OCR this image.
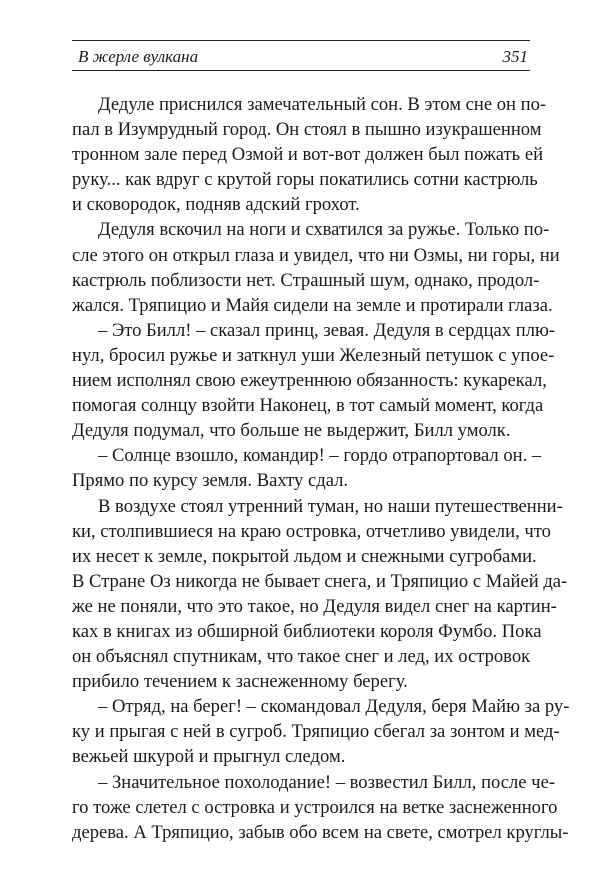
В жерле вулкана	351
Дедуле приснился замечательный сон. В этом сне он по-
пал в Изумрудный город. Он стоял в пышно изукрашенном
тронном зале перед Озмой и вот-вот должен был пожать ей
руку... как вдруг с крутой горы покатились сотни кастрюль
и сковородок, подняв адский грохот.
Дедуля вскочил на ноги и схватился за ружье. Только по-
сле этого он открыл глаза и увидел, что ни Озмы, ни горы, ни
кастрюль поблизости нет. Страшный шум, однако, продол-
жался. Тряпицио и Майя сидели на земле и протирали глаза.
– Это Билл! – сказал принц, зевая. Дедуля в сердцах плю-
нул, бросил ружье и заткнул уши Железный петушок с упое-
нием исполнял свою ежеутреннюю обязанность: кукарекал,
помогая солнцу взойти Наконец, в тот самый момент, когда
Дедуля подумал, что больше не выдержит, Билл умолк.
– Солнце взошло, командир! – гордо отрапортовал он. –
Прямо по курсу земля. Вахту сдал.
В воздухе стоял утренний туман, но наши путешественни-
ки, столпившиеся на краю островка, отчетливо увидели, что
их несет к земле, покрытой льдом и снежными сугробами.
В Стране Оз никогда не бывает снега, и Тряпицио с Майей да-
же не поняли, что это такое, но Дедуля видел снег на картин-
ках в книгах из обширной библиотеки короля Фумбо. Пока
он объяснял спутникам, что такое снег и лед, их островок
прибило течением к заснеженному берегу.
– Отряд, на берег! – скомандовал Дедуля, беря Майю за ру-
ку и прыгая с ней в сугроб. Тряпицио сбегал за зонтом и мед-
вежьей шкурой и прыгнул следом.
– Значительное похолодание! – возвестил Билл, после че-
го тоже слетел с островка и устроился на ветке заснеженного
дерева. А Тряпицио, забыв обо всем на свете, смотрел круглы-
